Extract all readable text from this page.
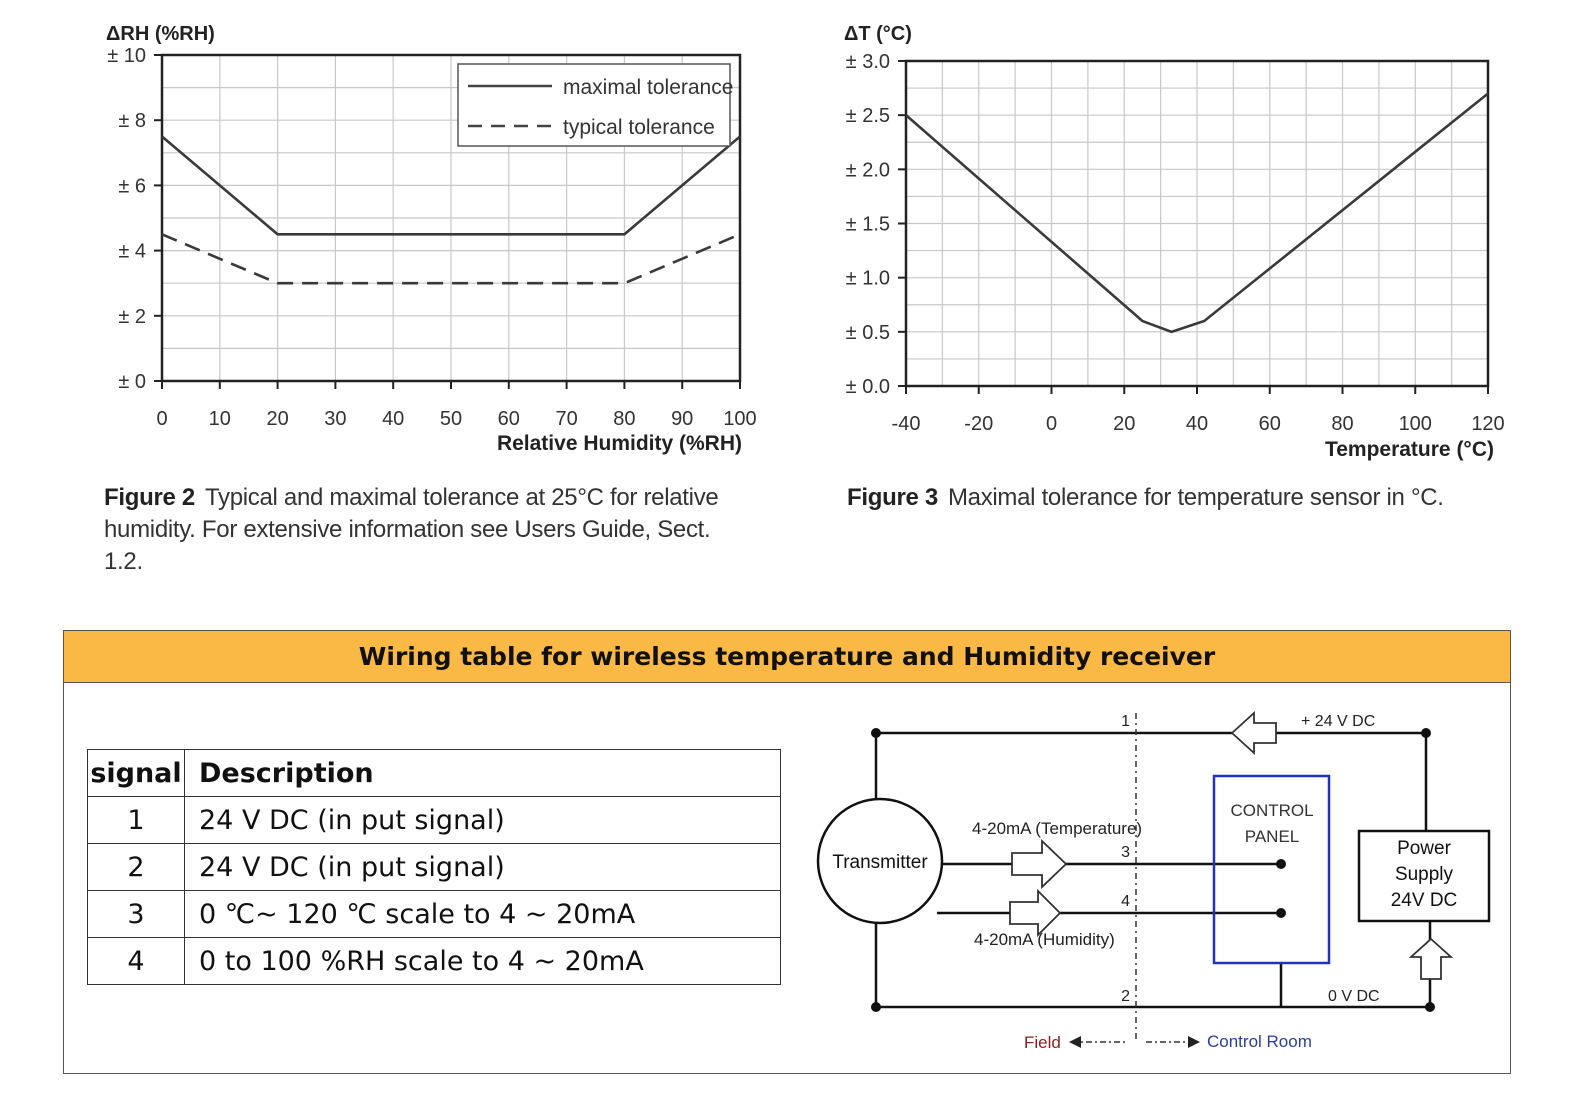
± 0
± 2
± 4
± 6
± 8
± 10
0 10 20 30 40 50 60 70 80 90 100
ΔRH (%RH)
Relative Humidity (%RH)
maximal tolerance
typical tolerance
Figure 2 Typical and maximal tolerance at 25°C for relative
humidity. For extensive information see Users Guide, Sect. 1.2.
± 0.0
± 0.5
± 1.0
± 1.5
± 2.0
± 2.5
± 3.0
-40 -20	0	20	40	60	80 100 120
ΔT (°C)
Temperature (°C)
Figure 3 Maximal tolerance for temperature sensor in °C.
Wiring table for wireless temperature and Humidity receiver
signal	Description
1	24 V DC (in put signal)
2	24 V DC (in put signal)
3	0 ℃~ 120 ℃ scale to 4 ~ 20mA
4	0 to 100 %RH scale to 4 ~ 20mA
Transmitter
CONTROL
PANEL
Power
Supply
24V DC
+ 24 V DC
0 V DC
4-20mA (Temperature)
4-20mA (Humidity)
1
3
4
2
Field	Control Room
